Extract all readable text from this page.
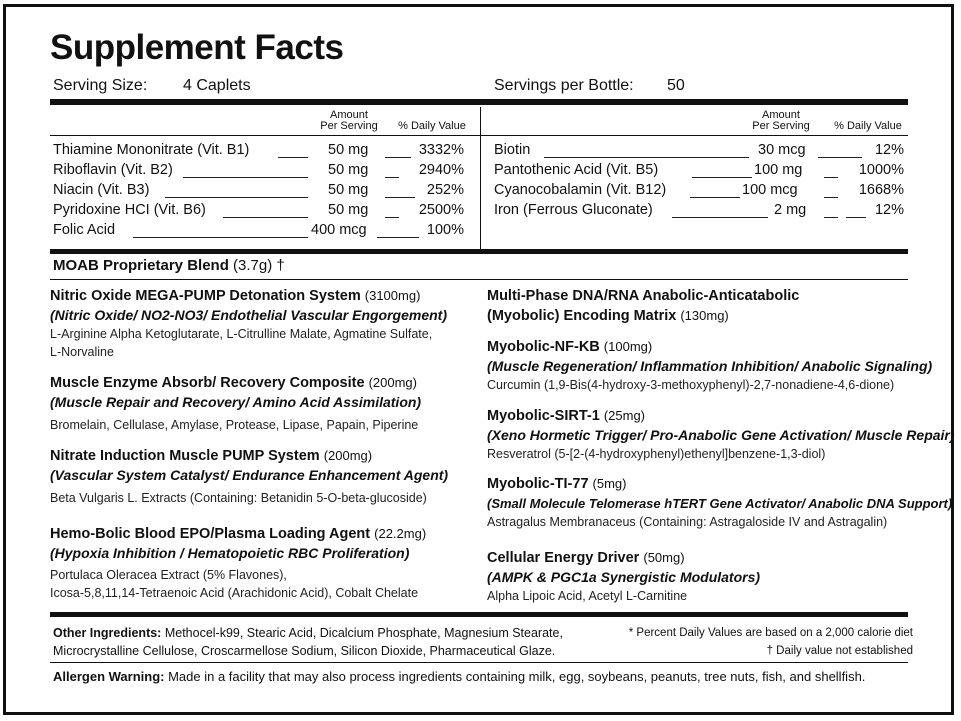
Supplement Facts
Serving Size: 4 Caplets	Servings per Bottle: 50
Amount
Per Serving	% Daily Value
Amount
Per Serving	% Daily Value
Thiamine Mononitrate (Vit. B1)	50 mg	3332%
Riboflavin (Vit. B2)	50 mg	2940%
Niacin (Vit. B3)	50 mg	252%
Pyridoxine HCI (Vit. B6)	50 mg	2500%
Folic Acid	400 mcg	100%
Biotin	30 mcg	12%
Pantothenic Acid (Vit. B5)	100 mg	1000%
Cyanocobalamin (Vit. B12)	100 mcg	1668%
Iron (Ferrous Gluconate)	2 mg	12%
MOAB Proprietary Blend (3.7g) †
Nitric Oxide MEGA-PUMP Detonation System (3100mg)
(Nitric Oxide/ NO2-NO3/ Endothelial Vascular Engorgement)
L-Arginine Alpha Ketoglutarate, L-Citrulline Malate, Agmatine Sulfate,
L-Norvaline
Muscle Enzyme Absorb/ Recovery Composite (200mg)
(Muscle Repair and Recovery/ Amino Acid Assimilation)
Bromelain, Cellulase, Amylase, Protease, Lipase, Papain, Piperine
Nitrate Induction Muscle PUMP System (200mg)
(Vascular System Catalyst/ Endurance Enhancement Agent)
Beta Vulgaris L. Extracts (Containing: Betanidin 5-O-beta-glucoside)
Hemo-Bolic Blood EPO/Plasma Loading Agent (22.2mg)
(Hypoxia Inhibition / Hematopoietic RBC Proliferation)
Portulaca Oleracea Extract (5% Flavones),
Icosa-5,8,11,14-Tetraenoic Acid (Arachidonic Acid), Cobalt Chelate
Multi-Phase DNA/RNA Anabolic-Anticatabolic
(Myobolic) Encoding Matrix (130mg)
Myobolic-NF-KB (100mg)
(Muscle Regeneration/ Inflammation Inhibition/ Anabolic Signaling)
Curcumin (1,9-Bis(4-hydroxy-3-methoxyphenyl)-2,7-nonadiene-4,6-dione)
Myobolic-SIRT-1 (25mg)
(Xeno Hormetic Trigger/ Pro-Anabolic Gene Activation/ Muscle Repair)
Resveratrol (5-[2-(4-hydroxyphenyl)ethenyl]benzene-1,3-diol)
Myobolic-TI-77 (5mg)
(Small Molecule Telomerase hTERT Gene Activator/ Anabolic DNA Support)
Astragalus Membranaceus (Containing: Astragaloside IV and Astragalin)
Cellular Energy Driver (50mg)
(AMPK & PGC1a Synergistic Modulators)
Alpha Lipoic Acid, Acetyl L-Carnitine
Other Ingredients: Methocel-k99, Stearic Acid, Dicalcium Phosphate, Magnesium Stearate,
Microcrystalline Cellulose, Croscarmellose Sodium, Silicon Dioxide, Pharmaceutical Glaze.
* Percent Daily Values are based on a 2,000 calorie diet
† Daily value not established
Allergen Warning: Made in a facility that may also process ingredients containing milk, egg, soybeans, peanuts, tree nuts, fish, and shellfish.
